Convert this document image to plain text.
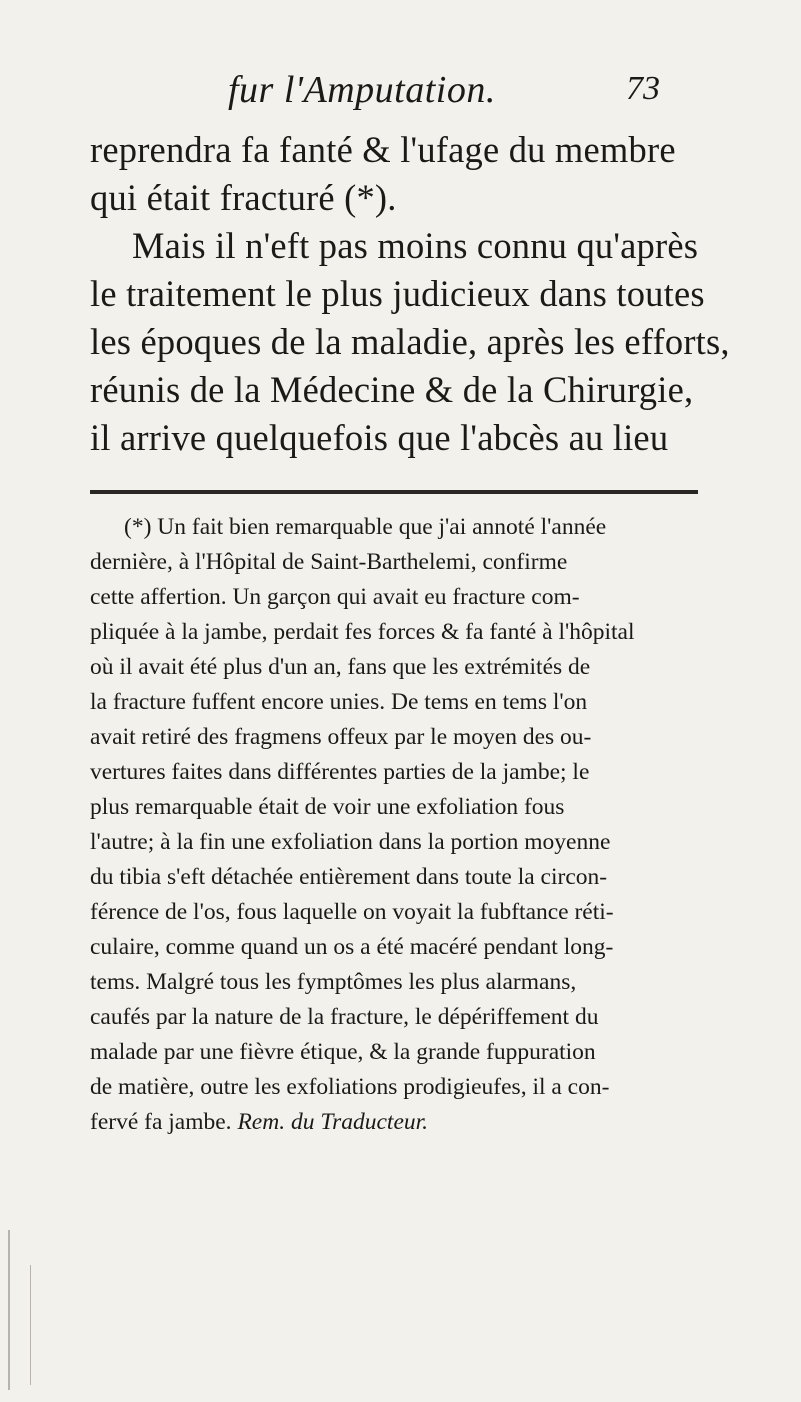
fur l'Amputation.	73
reprendra fa fanté & l'ufage du membre
qui était fracturé (*).
Mais il n'eft pas moins connu qu'après
le traitement le plus judicieux dans toutes
les époques de la maladie, après les efforts,
réunis de la Médecine & de la Chirurgie,
il arrive quelquefois que l'abcès au lieu
(*) Un fait bien remarquable que j'ai annoté l'année
dernière, à l'Hôpital de Saint-Barthelemi, confirme
cette affertion. Un garçon qui avait eu fracture com-
pliquée à la jambe, perdait fes forces & fa fanté à l'hôpital
où il avait été plus d'un an, fans que les extrémités de
la fracture fuffent encore unies. De tems en tems l'on
avait retiré des fragmens offeux par le moyen des ou-
vertures faites dans différentes parties de la jambe; le
plus remarquable était de voir une exfoliation fous
l'autre; à la fin une exfoliation dans la portion moyenne
du tibia s'eft détachée entièrement dans toute la circon-
férence de l'os, fous laquelle on voyait la fubftance réti-
culaire, comme quand un os a été macéré pendant long-
tems. Malgré tous les fymptômes les plus alarmans,
caufés par la nature de la fracture, le dépériffement du
malade par une fièvre étique, & la grande fuppuration
de matière, outre les exfoliations prodigieufes, il a con-
fervé fa jambe. Rem. du Traducteur.
